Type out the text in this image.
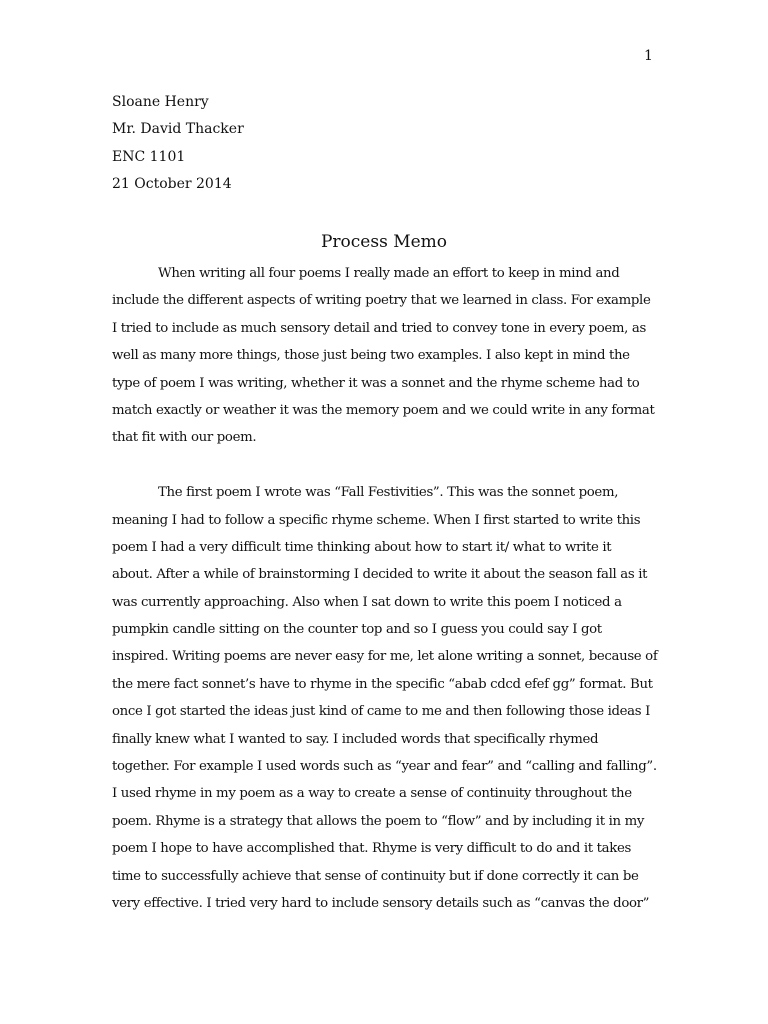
1
Sloane Henry
Mr. David Thacker
ENC 1101
21 October 2014
Process Memo
When writing all four poems I really made an effort to keep in mind and
include the different aspects of writing poetry that we learned in class. For example
I tried to include as much sensory detail and tried to convey tone in every poem, as
well as many more things, those just being two examples. I also kept in mind the
type of poem I was writing, whether it was a sonnet and the rhyme scheme had to
match exactly or weather it was the memory poem and we could write in any format
that fit with our poem.
The first poem I wrote was “Fall Festivities”. This was the sonnet poem,
meaning I had to follow a specific rhyme scheme. When I first started to write this
poem I had a very difficult time thinking about how to start it/ what to write it
about. After a while of brainstorming I decided to write it about the season fall as it
was currently approaching. Also when I sat down to write this poem I noticed a
pumpkin candle sitting on the counter top and so I guess you could say I got
inspired. Writing poems are never easy for me, let alone writing a sonnet, because of
the mere fact sonnet’s have to rhyme in the specific “abab cdcd efef gg” format. But
once I got started the ideas just kind of came to me and then following those ideas I
finally knew what I wanted to say. I included words that specifically rhymed
together. For example I used words such as “year and fear” and “calling and falling”.
I used rhyme in my poem as a way to create a sense of continuity throughout the
poem. Rhyme is a strategy that allows the poem to “flow” and by including it in my
poem I hope to have accomplished that. Rhyme is very difficult to do and it takes
time to successfully achieve that sense of continuity but if done correctly it can be
very effective. I tried very hard to include sensory details such as “canvas the door”
